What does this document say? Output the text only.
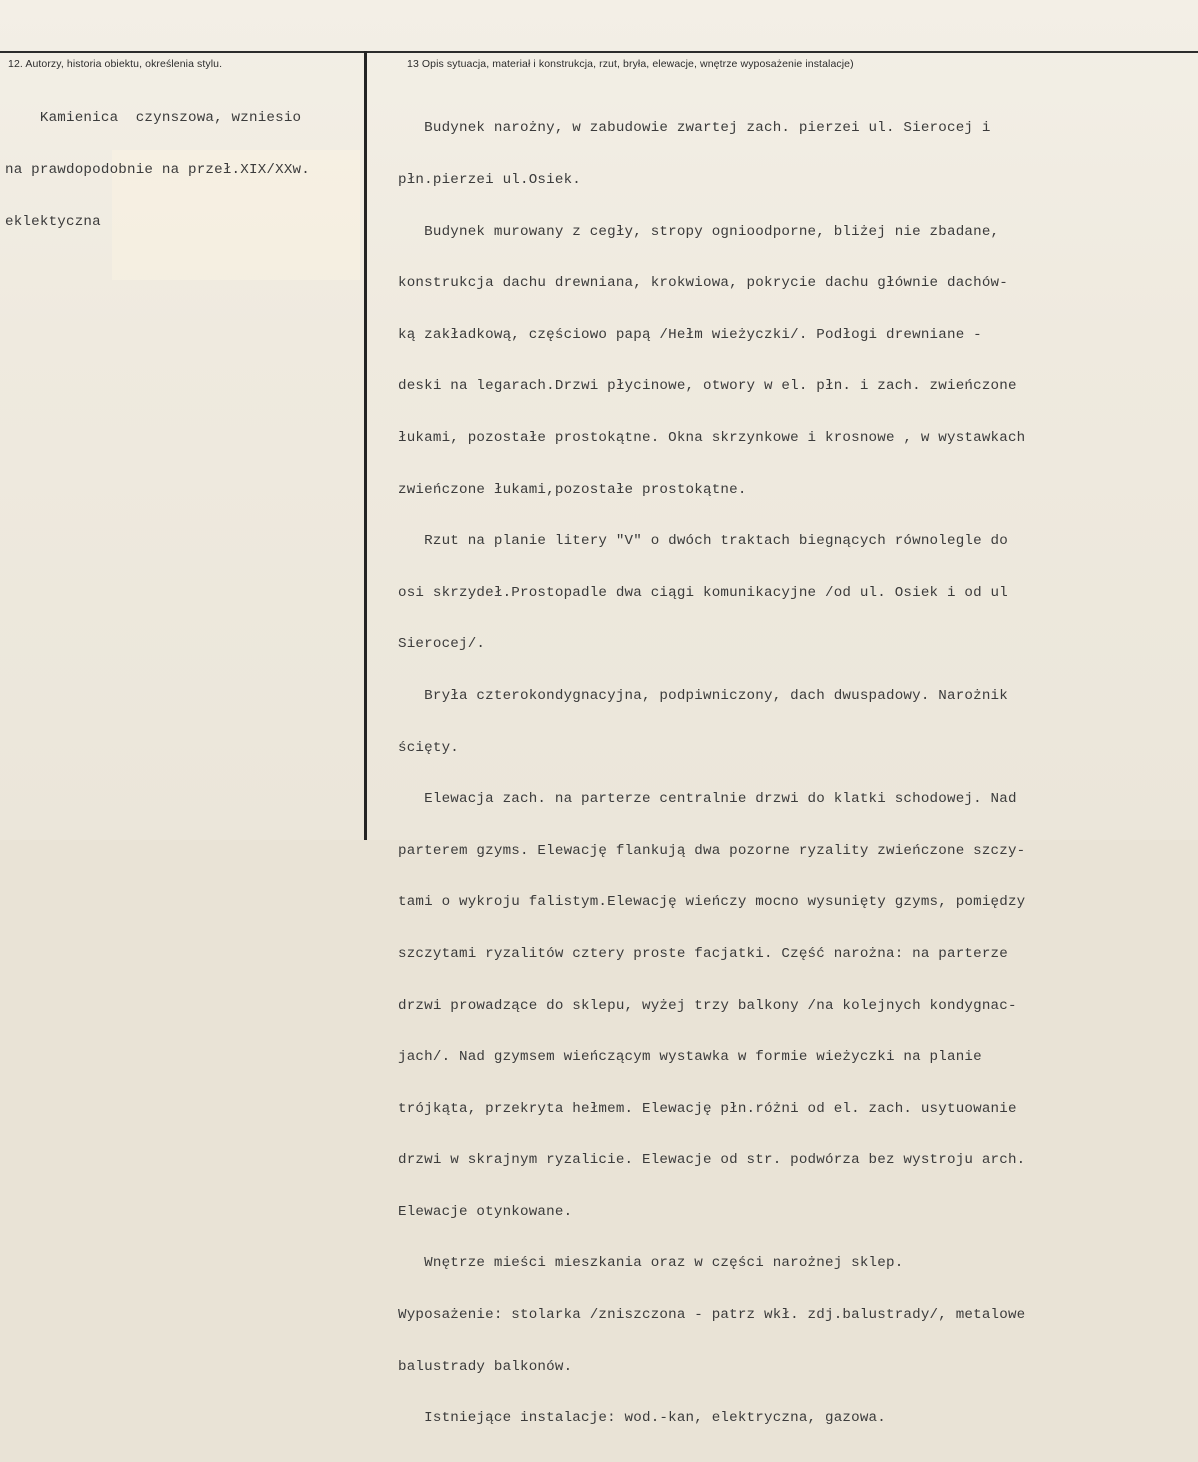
12. Autorzy, historia obiektu, określenia stylu.	13 Opis sytuacja, materiał i konstrukcja, rzut, bryła, elewacje, wnętrze wyposażenie instalacje)

Kamienica  czynszowa, wzniesio

na prawdopodobnie na przeł.XIX/XXw.

eklektyczna

Budynek narożny, w zabudowie zwartej zach. pierzei ul. Sierocej i

płn.pierzei ul.Osiek.

Budynek murowany z cegły, stropy ognioodporne, bliżej nie zbadane,

konstrukcja dachu drewniana, krokwiowa, pokrycie dachu głównie dachów-

ką zakładkową, częściowo papą /Hełm wieżyczki/. Podłogi drewniane -

deski na legarach.Drzwi płycinowe, otwory w el. płn. i zach. zwieńczone

łukami, pozostałe prostokątne. Okna skrzynkowe i krosnowe , w wystawkach

zwieńczone łukami,pozostałe prostokątne.

Rzut na planie litery "V" o dwóch traktach biegnących równolegle do

osi skrzydeł.Prostopadle dwa ciągi komunikacyjne /od ul. Osiek i od ul

Sierocej/.

Bryła czterokondygnacyjna, podpiwniczony, dach dwuspadowy. Narożnik

ścięty.

Elewacja zach. na parterze centralnie drzwi do klatki schodowej. Nad

parterem gzyms. Elewację flankują dwa pozorne ryzality zwieńczone szczy-

tami o wykroju falistym.Elewację wieńczy mocno wysunięty gzyms, pomiędzy

szczytami ryzalitów cztery proste facjatki. Część narożna: na parterze

drzwi prowadzące do sklepu, wyżej trzy balkony /na kolejnych kondygnac-

jach/. Nad gzymsem wieńczącym wystawka w formie wieżyczki na planie

trójkąta, przekryta hełmem. Elewację płn.różni od el. zach. usytuowanie

drzwi w skrajnym ryzalicie. Elewacje od str. podwórza bez wystroju arch.

Elewacje otynkowane.

Wnętrze mieści mieszkania oraz w części narożnej sklep.

Wyposażenie: stolarka /zniszczona - patrz wkł. zdj.balustrady/, metalowe

balustrady balkonów.

Istniejące instalacje: wod.-kan, elektryczna, gazowa.
